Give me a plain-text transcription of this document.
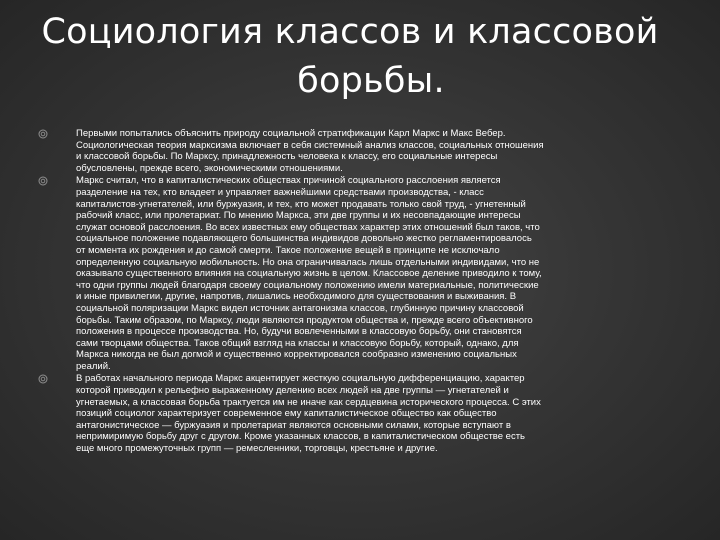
Социология классов и классовой
борьбы.
Первыми попытались объяснить природу социальной стратификации Карл Маркс и Макс Вебер.
Социологическая теория марксизма включает в себя системный анализ классов, социальных отношения
и классовой борьбы. По Марксу, принадлежность человека к классу, его социальные интересы
обусловлены, прежде всего, экономическими отношениями.
Маркс считал, что в капиталистических обществах причиной социального расслоения является
разделение на тех, кто владеет и управляет важнейшими средствами производства, - класс
капиталистов-угнетателей, или буржуазия, и тех, кто может продавать только свой труд, - угнетенный
рабочий класс, или пролетариат. По мнению Маркса, эти две группы и их несовпадающие интересы
служат основой расслоения. Во всех известных ему обществах характер этих отношений был таков, что
социальное положение подавляющего большинства индивидов довольно жестко регламентировалось
от момента их рождения и до самой смерти. Такое положение вещей в принципе не исключало
определенную социальную мобильность. Но она ограничивалась лишь отдельными индивидами, что не
оказывало существенного влияния на социальную жизнь в целом. Классовое деление приводило к тому,
что одни группы людей благодаря своему социальному положению имели материальные, политические
и иные привилегии, другие, напротив, лишались необходимого для существования и выживания. В
социальной поляризации Маркс видел источник антагонизма классов, глубинную причину классовой
борьбы. Таким образом, по Марксу, люди являются продуктом общества и, прежде всего объективного
положения в процессе производства. Но, будучи вовлеченными в классовую борьбу, они становятся
сами творцами общества. Таков общий взгляд на классы и классовую борьбу, который, однако, для
Маркса никогда не был догмой и существенно корректировался сообразно изменению социальных
реалий.
В работах начального периода Маркс акцентирует жесткую социальную дифференциацию, характер
которой приводил к рельефно выраженному делению всех людей на две группы — угнетателей и
угнетаемых, а классовая борьба трактуется им не иначе как сердцевина исторического процесса. С этих
позиций социолог характеризует современное ему капиталистическое общество как общество
антагонистическое — буржуазия и пролетариат являются основными силами, которые вступают в
непримиримую борьбу друг с другом. Кроме указанных классов, в капиталистическом обществе есть
еще много промежуточных групп — ремесленники, торговцы, крестьяне и другие.
